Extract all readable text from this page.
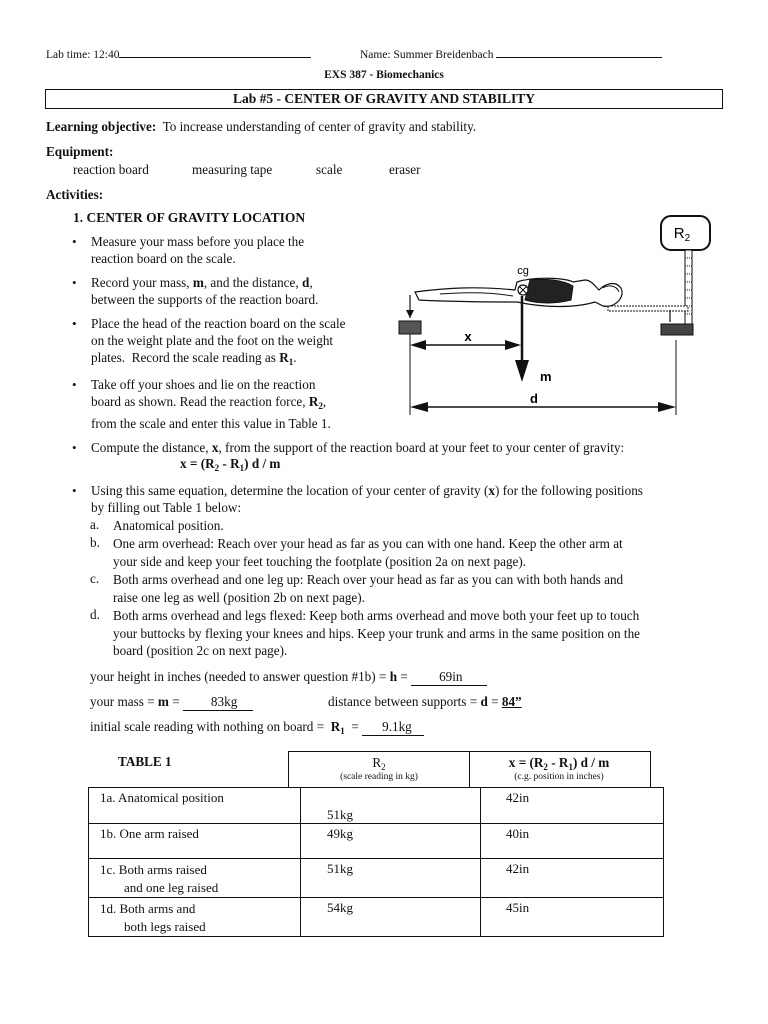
Lab time: 12:40	Name: Summer Breidenbach
EXS 387 - Biomechanics
Lab #5 - CENTER OF GRAVITY AND STABILITY
Learning objective: To increase understanding of center of gravity and stability.
Equipment:
reaction board	measuring tape	scale	eraser
Activities:
1. CENTER OF GRAVITY LOCATION
• Measure your mass before you place the
reaction board on the scale.
• Record your mass, m, and the distance, d,
between the supports of the reaction board.
• Place the head of the reaction board on the scale
on the weight plate and the foot on the weight
plates.  Record the scale reading as $R_1$.
• Take off your shoes and lie on the reaction
board as shown. Read the reaction force, $R_2$,
from the scale and enter this value in Table 1.
$R_2$
cg
m
x
d
• Compute the distance, x, from the support of the reaction board at your feet to your center of gravity:
$x = (R_2 - R_1)$ d / m
• Using this same equation, determine the location of your center of gravity (x) for the following positions
by filling out Table 1 below:
a. Anatomical position.
b. One arm overhead: Reach over your head as far as you can with one hand. Keep the other arm at
your side and keep your feet touching the footplate (position 2a on next page).
c. Both arms overhead and one leg up: Reach over your head as far as you can with both hands and
raise one leg as well (position 2b on next page).
d. Both arms overhead and legs flexed: Keep both arms overhead and move both your feet up to touch
your buttocks by flexing your knees and hips. Keep your trunk and arms in the same position on the
board (position 2c on next page).
your height in inches (needed to answer question #1b) = h = 69in
your mass = m = 83kg	distance between supports = d = 84”
initial scale reading with nothing on board =  $R_1 = 9.1kg$
TABLE 1	$R_2$
(scale reading in kg)
$x = (R_2 - R_1)$ d / m
(c.g. position in inches)
1a. Anatomical position	51kg	42in

1b. One arm raised	49kg	40in

1c. Both arms raised
and one leg raised	51kg	42in

1d. Both arms and
both legs raised	54kg	45in
